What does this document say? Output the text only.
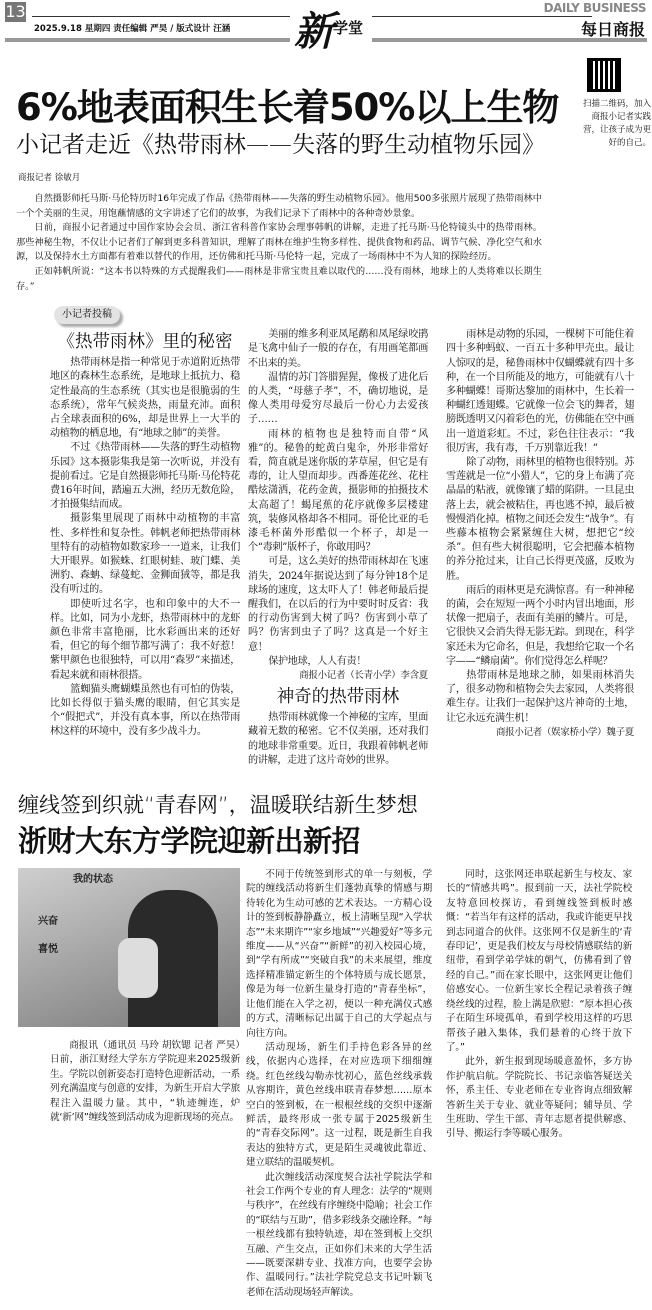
13
2025.9.18 星期四 责任编辑 严昊 / 版式设计 汪涵 新 学堂
DAILY BUSINESS
每日商报
扫描二维码，加入商报小记者实践营，让孩子成为更好的自己。
6%地表面积生长着50%以上生物
小记者走近《热带雨林——失落的野生动植物乐园》
商报记者 徐敏月

自然摄影师托马斯·马伦特历时16年完成了作品《热带雨林——失落的野生动植物乐园》。他用500多张照片展现了热带雨林中一个个美丽的生灵，用饱蘸情感的文字讲述了它们的故事，为我们记录下了雨林中的各种奇妙景象。

日前，商报小记者通过中国作家协会会员、浙江省科普作家协会理事韩帆的讲解，走进了托马斯·马伦特镜头中的热带雨林。那些神秘生物，不仅让小记者们了解到更多科普知识，理解了雨林在维护生物多样性、提供食物和药品、调节气候、净化空气和水源，以及保持水土方面都有着难以替代的作用，还仿佛和托马斯·马伦特一起，完成了一场雨林中不为人知的探险经历。

正如韩帆所说：“这本书以特殊的方式提醒我们——雨林是非常宝贵且难以取代的……没有雨林，地球上的人类将难以长期生存。”

小记者投稿
《热带雨林》里的秘密

热带雨林是指一种常见于赤道附近热带地区的森林生态系统，是地球上抵抗力、稳定性最高的生态系统（其实也是很脆弱的生态系统），常年气候炎热，雨量充沛。面积占全球表面积的6%，却是世界上一大半的动植物的栖息地，有“地球之肺”的美誉。

不过《热带雨林——失落的野生动植物乐园》这本摄影集我是第一次听说，并没有提前看过。它是自然摄影师托马斯·马伦特花费16年时间，踏遍五大洲，经历无数危险，才拍摄集结而成。

摄影集里展现了雨林中动植物的丰富性、多样性和复杂性。韩帆老师把热带雨林里特有的动植物如数家珍一一道来，让我们大开眼界。如猴蛛、红眼树蛙、玻门蝶、美洲豹、森蚺、绿蔓蛇、金狮面狨等，都是我没有听过的。

即使听过名字，也和印象中的大不一样。比如，同为小龙虾，热带雨林中的龙虾颜色非常丰富艳丽，比水彩画出来的还好看，但它的每个细节都写满了：我不好惹！紫甲颜色也很独特，可以用“森罗”来描述，看起来就和雨林很搭。

篮蜘猫头鹰蝴蝶虽然也有可怕的伪装，比如长得似于猫头鹰的眼睛，但它其实是个“假把式”，并没有真本事，所以在热带雨林这样的环境中，没有多少战斗力。

美丽的维多利亚凤尾鹬和凤尾绿咬鹃是飞禽中仙子一般的存在，有用画笔都画不出来的美。

温情的苏门答腊猩猩，像极了进化后的人类，“母慈子孝”，不，确切地说，是像人类用母爱穷尽最后一份心力去爱孩子……

雨林的植物也是独特而自带“风雅”的。秘鲁的蛇黄白鬼伞，外形非常好看，简直就是迷你版的茅草屋，但它是有毒的，让人望而却步。西番莲花丝、花柱酷炫潇洒，花药金黄，摄影师的拍摄技术太高超了！蝎尾蕉的花序就像多层楼建筑，装修风格却各不相同。哥伦比亚的毛漆毛杯菌外形酷似一个杯子，却是一个“毒刺”版杯子，你敢用吗？

可是，这么美好的热带雨林却在飞速消失，2024年据说达到了每分钟18个足球场的速度，这太吓人了！韩老师最后提醒我们，在以后的行为中要时时反省：我的行动伤害到大树了吗？伤害到小草了吗？伤害到虫子了吗？这真是一个好主意！

保护地球，人人有责！

商报小记者（长青小学）李含夏

神奇的热带雨林

热带雨林就像一个神秘的宝库，里面藏着无数的秘密。它不仅美丽，还对我们的地球非常重要。近日，我跟着韩帆老师的讲解，走进了这片奇妙的世界。

雨林是动物的乐园，一棵树下可能住着四十多种蚂蚁、一百五十多种甲壳虫。最让人惊叹的是，秘鲁雨林中仅蝴蝶就有四十多种，在一个目所能及的地方，可能就有八十多种蝴蝶！哥斯达黎加的雨林中，生长着一种蝴红透翅蝶。它就像一位会飞的舞者，翅膀既透明又闪着彩色的光，仿佛能在空中画出一道道彩虹。不过，彩色往往表示：“我很厉害，我有毒，千万别靠近我！”

除了动物，雨林里的植物也很特别。苏雪莲就是一位“小猎人”，它的身上布满了亮晶晶的粘液，就像镶了蜡的陷阱。一旦昆虫落上去，就会被粘住，再也逃不掉，最后被慢慢消化掉。植物之间还会发生“战争”。有些藤本植物会紧紧缠住大树，想把它“绞杀”。但有些大树很聪明，它会把藤本植物的养分抢过来，让自己长得更茂盛，反败为胜。

雨后的雨林更是充满惊喜。有一种神秘的菌，会在短短一两个小时内冒出地面，形状像一把扇子，表面有美丽的鳞片。可是，它很快又会消失得无影无踪。到现在，科学家还未为它命名，但是，我想给它取一个名字——“鳞扇菌”。你们觉得怎么样呢？

热带雨林是地球之肺，如果雨林消失了，很多动物和植物会失去家园，人类将很难生存。让我们一起保护这片神奇的土地，让它永远充满生机！

商报小记者（娱家桥小学）魏子夏

缠线签到织就“青春网”，温暖联结新生梦想
浙财大东方学院迎新出新招
我的状态
兴奋
喜悦

商报讯（通讯员 马玲 胡钦锶 记者 严昊）日前，浙江财经大学东方学院迎来2025级新生。学院以创新姿态打造特色迎新活动，一系列充满温度与创意的安排，为新生开启大学旅程注入温暖力量。其中，“轨迹缠连，炉就‘新’网”缠线签到活动成为迎新现场的亮点。

不同于传统签到形式的单一与刻板，学院的缠线活动将新生们蓬勃真挚的情感与期待转化为生动可感的艺术表达。一方精心设计的签到板静静矗立，板上清晰呈现“入学状态”“未来期许”“家乡地域”“兴趣爱好”等多元维度——从“兴奋”“新鲜”的初入校园心境，到“学有所成”“突破自我”的未来展望，维度选择精准锚定新生的个体特质与成长愿景，像是为每一位新生量身打造的“青春坐标”，让他们能在入学之初，便以一种充满仪式感的方式，清晰标记出属于自己的大学起点与向往方向。

活动现场，新生们手持色彩各异的丝线，依据内心选择，在对应选项下细细缠绕。红色丝线勾勒赤忱初心，蓝色丝线承载从容期许，黄色丝线串联青春梦想……原本空白的签到板，在一根根丝线的交织中逐渐鲜活，最终形成一张专属于2025级新生的“青春交际网”。这一过程，既是新生自我表达的独特方式，更是陌生灵魂彼此靠近、建立联结的温暖契机。

此次缠线活动深度契合法社学院法学和社会工作两个专业的育人理念：法学的“规则与秩序”，在丝线有序缠绕中隐喻；社会工作的“联结与互助”，借多彩线条交融诠释。“每一根丝线都有独特轨迹，却在签到板上交织互融、产生交点，正如你们未来的大学生活——既要深耕专业、找准方向，也要学会协作、温暖同行。”法社学院党总支书记叶颖飞老师在活动现场轻声解读。

同时，这张网还串联起新生与校友、家长的“情感共鸣”。报到前一天，法社学院校友特意回校探访，看到缠线签到板时感慨：“若当年有这样的活动，我或许能更早找到志同道合的伙伴。这张网不仅是新生的‘青春印记’，更是我们校友与母校情感联结的新纽带，看到学弟学妹的朝气，仿佛看到了曾经的自己。”而在家长眼中，这张网更让他们倍感安心。一位新生家长全程记录着孩子缠绕丝线的过程，脸上满是欣慰：“原本担心孩子在陌生环境孤单，看到学校用这样的巧思帮孩子融入集体，我们悬着的心终于放下了。”

此外，新生报到现场暖意盈怀，多方协作护航启航。学院院长、书记亲临答疑送关怀，系主任、专业老师在专业咨询点细致解答新生关于专业、就业等疑问；辅导员、学生班助、学生干部、青年志愿者提供解惑、引导、搬运行李等暖心服务。
